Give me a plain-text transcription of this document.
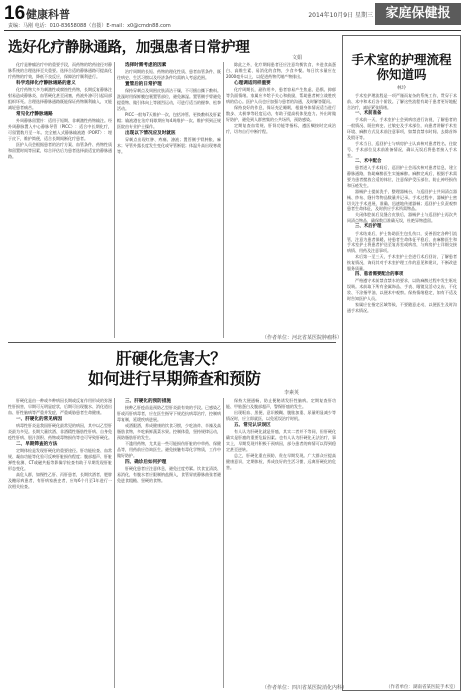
16 健康科普
责编：马刚 电话：010-83658088（直拨）E-mail：x0@cmdn88.com
2014年10月9日 星期三 家庭保健报
选好化疗静脉通路，加强患者日常护理
文娟

化疗是肿瘤治疗中的重要手段，而药物的给药途径对静脉系统的合理选择至关重要。选择合适的静脉通路可提高化疗药物的疗效，降低不良反应，保障治疗顺利进行。

科学选择化疗静脉通路的意义
化疗药物大多为刺激性或腐蚀性药物，长期反复静脉注射易造成静脉炎、血管硬化甚至闭塞，药液外渗可引起局部组织坏死。合理选择静脉通路既能保证药物顺利输入，又能减轻患者痛苦。

常见化疗静脉通路
外周静脉留置针：适用于短期、非刺激性药物输注。经外周静脉置入中心静脉导管（PICC）：适合中长期化疗，可留置数月至一年。完全植入式静脉输液港（PORT）：埋于皮下，维护简便，适合长期间断化疗患者。

医护人员会根据患者的治疗方案、血管条件、药物性质和留置时间等因素，综合评估后为患者选择最适宜的静脉通路。

选择时需考虑的因素
治疗周期的长短、药物的理化性质、患者血管条件、既往病史、生活习惯以及经济条件均需纳入考虑范围。

置管后的日常护理
保持穿刺点及周围皮肤清洁干燥，不可擅自撕下敷料。洗澡时用保鲜膜包裹置管部位，避免淋湿。置管侧手臂避免提重物、做引体向上等剧烈运动，可进行适当的握拳、松拳活动。

PICC一般每7天维护一次，包括冲管、更换敷料及肝素帽；输液港在治疗间歇期应每4周维护一次。维护须到正规医院由专业护士操作。

出现以下情况应及时就医
穿刺点出现红肿、疼痛、渗液；置管侧手臂肿胀、麻木；导管外露长度发生变化或导管断裂；体温升高出现寒战等。

除此之外，化疗期间患者还应注意均衡饮食，多进食高蛋白、高维生素、易消化的食物，少食多餐。每日饮水量应在2000毫升以上，以促进药物代谢产物排出。

心理调适同样重要
化疗周期长，副作用多，患者容易产生焦虑、恐惧、抑郁等负面情绪。家属应多给予关心和鼓励，帮助患者树立战胜疾病的信心。医护人员也应加强与患者的沟通，及时解答疑问。

保持良好的作息，保证充足睡眠，根据身体情况适当进行散步、太极拳等轻度运动，有助于提高机体免疫力。外出时做好防护，避免到人群密集的公共场所，预防感染。

定期复查血常规、肝肾功能等指标，遵医嘱按时完成治疗，切勿自行中断疗程。

（作者单位：河北省某医院肿瘤科）
肝硬化危害大？
如何进行早期筛查和预防
李素英

肝硬化是由一种或多种病因长期或反复作用形成的弥漫性肝损害，早期可无明显症状，后期可出现腹水、消化道出血、肝性脑病等严重并发症，严重威胁患者生命健康。

一、肝硬化的常见病因
病毒性肝炎是我国肝硬化最常见的病因，其中以乙型肝炎最为多见。长期大量饮酒、非酒精性脂肪性肝病、自身免疫性肝病、胆汁淤积、药物或毒物损伤等也可导致肝硬化。

二、早期筛查的方法
定期体检是发现肝硬化的重要途径。肝功能检查、血常规、凝血功能等化验可反映肝脏损伤程度；腹部超声、肝脏弹性检测、CT或磁共振等影像学检查有助于早期发现肝脏形态变化。

高危人群，如慢性乙肝、丙肝患者，长期饮酒者，肥胖及糖尿病患者，有肝病家族史者，应每6个月至1年进行一次相关检查。

三、肝硬化的预防措施
接种乙肝疫苗是预防乙型肝炎最有效的手段。已感染乙肝或丙肝病毒者，应在医生指导下规范抗病毒治疗，控制病毒复制，延缓疾病进展。

戒酒限酒，养成健康的饮食习惯，少吃油炸、辛辣及高脂肪食物，多吃新鲜蔬菜水果。控制体重，坚持规律运动，预防脂肪肝的发生。

不滥用药物，尤其是一些可能损伤肝脏的中草药、保健品等，用药前应咨询医生。避免接触有毒化学物质，工作中做好防护。

四、确诊后如何护理
肝硬化患者应注意休息，避免过度劳累。饮食宜清淡、易消化，有腹水者应限制钠盐摄入，食管胃底静脉曲张者避免进食粗糙、坚硬的食物。

保持大便通畅，防止便秘诱发肝性脑病。定期复查肝功能、甲胎蛋白及腹部超声，警惕肝癌的发生。

出现呕血、黑便、意识模糊、腹胀加重、尿量明显减少等情况时，应立即就医，以免延误治疗时机。

五、常见认识误区
有人认为肝硬化就是肝癌，其实二者并不等同，但肝硬化确实是肝癌的重要危险因素。也有人认为肝硬化无法治疗，事实上，早期发现并积极干预病因，部分患者的病情可以得到稳定甚至逆转。

总之，肝硬化重在预防，贵在早期发现。广大群众应提高健康意识，定期体检，养成良好的生活习惯，远离肝硬化的危害。

（作者单位：四川省某医院消化内科）
手术室的护理流程
你知道吗
林玲

手术室护理流程是一项严谨而复杂的系统工作，贯穿于术前、术中和术后各个阶段。了解这些流程有助于患者更好地配合治疗，减轻紧张情绪。

一、术前准备
手术前一天，手术室护士会到病房进行访视，了解患者的一般情况、既往病史、过敏史及手术部位，向患者讲解手术室环境、麻醉方式及术前注意事项，如禁食禁水时间、去除首饰及假牙等。

手术当日，巡回护士与病房护士认真核对患者姓名、住院号、手术部位及术前准备情况，确认无误后将患者接入手术室。

二、术中配合
患者进入手术间后，巡回护士会再次核对患者信息，建立静脉通路，协助麻醉医生实施麻醉。麻醉完成后，根据手术需要为患者摆放合适的体位，注意保护受压部位，防止神经损伤和压疮发生。

器械护士提前洗手，整理器械台，与巡回护士共同清点器械、纱布、缝针等物品数量并记录。手术过程中，器械护士密切关注手术进展，准确、迅速地传递器械；巡回护士负责观察患者生命体征，及时供应手术所需物品。

关闭体腔前后及缝合皮肤后，器械护士与巡回护士再次共同清点物品，确保数目准确无误，杜绝异物遗留。

三、术后护理
手术结束后，护士协助医生包扎伤口，妥善固定各种引流管，注意为患者保暖。待患者生命体征平稳后，由麻醉医生和手术室护士将患者护送至复苏室或病房，与病房护士详细交接病情、用药及注意事项。

术后第一至三天，手术室护士会进行术后回访，了解患者恢复情况，询问其对手术室护理工作的意见和建议，不断改进服务质量。

四、患者需要配合的事项
严格遵守术前禁食禁水的要求，以防麻醉过程中发生呕吐误吸。术前取下所有金属饰品、手表、眼镜及活动义齿，不化妆、不涂指甲油，以便术中观察。保持情绪稳定，如有不适及时告知医护人员。

家属应在指定区域等候，不要随意走动，以便医生及时沟通手术情况。

（作者单位：湖南省某医院手术室）
